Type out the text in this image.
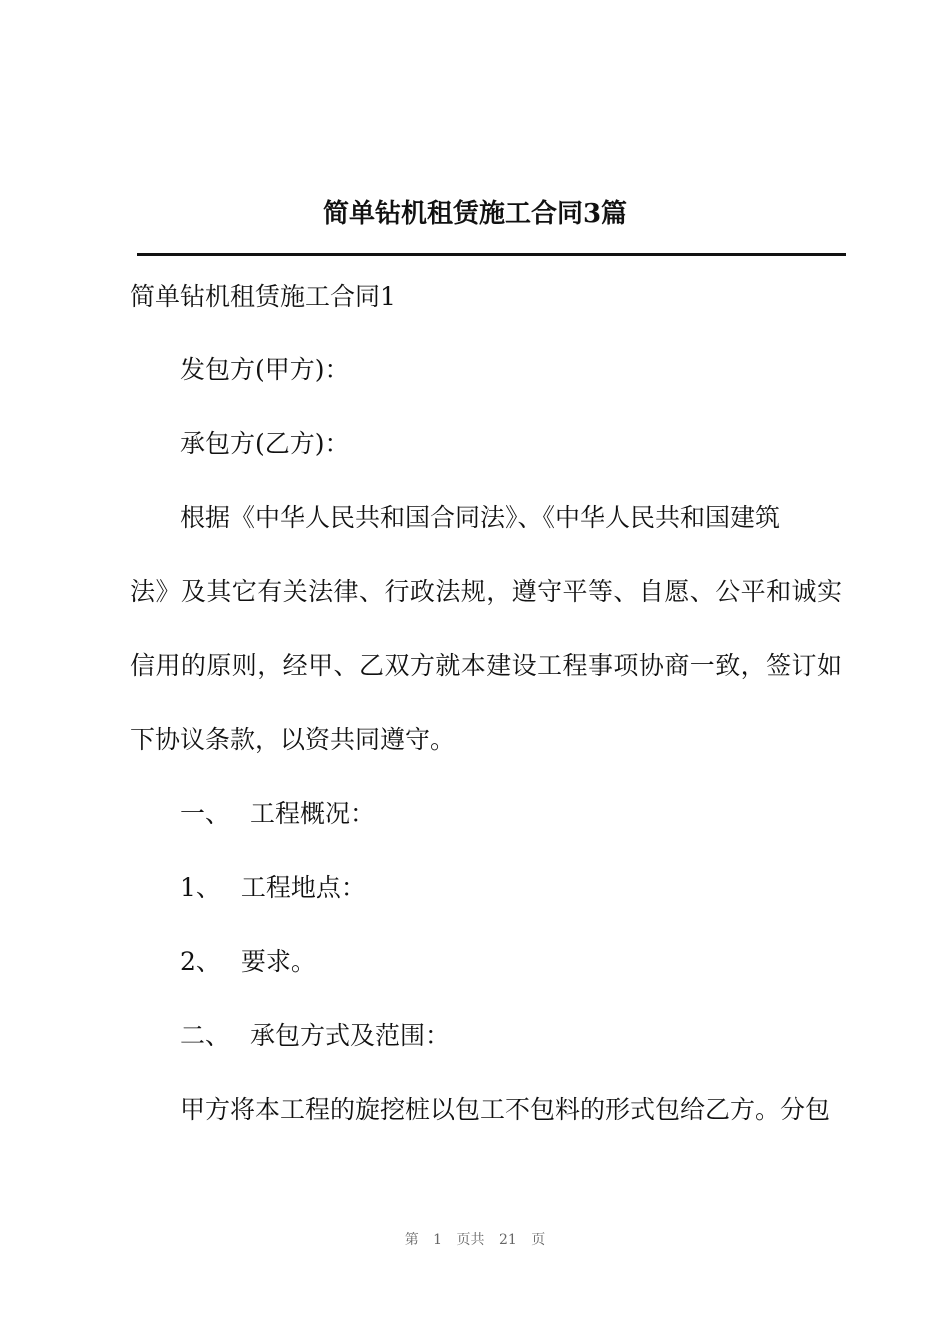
简单钻机租赁施工合同3篇
简单钻机租赁施工合同1
发包方(甲方)：
承包方(乙方)：
根据《中华人民共和国合同法》、《中华人民共和国建筑
法》及其它有关法律、行政法规，遵守平等、自愿、公平和诚实
信用的原则，经甲、乙双方就本建设工程事项协商一致，签订如
下协议条款，以资共同遵守。
一、 工程概况：
1、 工程地点：
2、 要求。
二、 承包方式及范围：
甲方将本工程的旋挖桩以包工不包料的形式包给乙方。分包
第 1 页共 21 页
